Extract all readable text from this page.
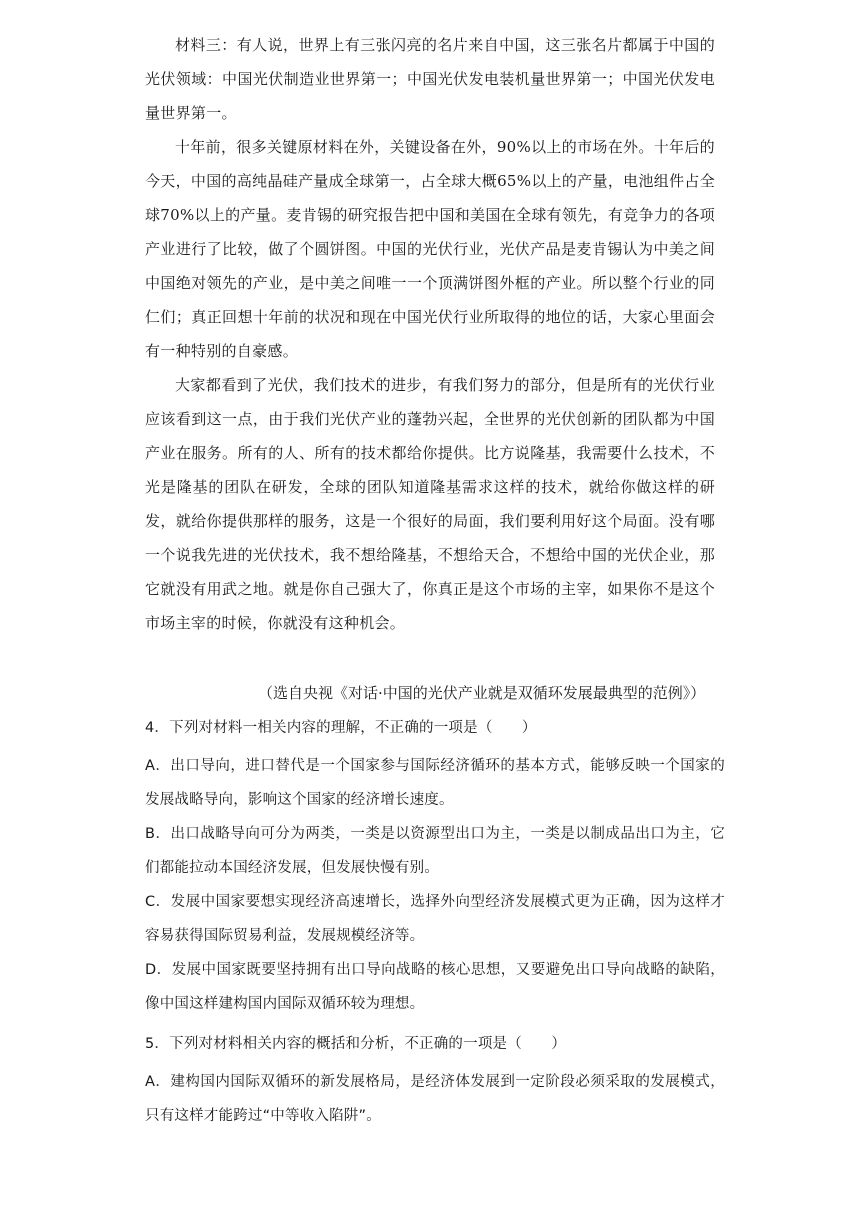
材料三：有人说，世界上有三张闪亮的名片来自中国，这三张名片都属于中国的光伏领域：中国光伏制造业世界第一；中国光伏发电装机量世界第一；中国光伏发电量世界第一。

十年前，很多关键原材料在外，关键设备在外，90%以上的市场在外。十年后的今天，中国的高纯晶硅产量成全球第一，占全球大概65%以上的产量，电池组件占全球70%以上的产量。麦肯锡的研究报告把中国和美国在全球有领先，有竞争力的各项产业进行了比较，做了个圆饼图。中国的光伏行业，光伏产品是麦肯锡认为中美之间中国绝对领先的产业，是中美之间唯一一个顶满饼图外框的产业。所以整个行业的同仁们；真正回想十年前的状况和现在中国光伏行业所取得的地位的话，大家心里面会有一种特别的自豪感。

大家都看到了光伏，我们技术的进步，有我们努力的部分，但是所有的光伏行业应该看到这一点，由于我们光伏产业的蓬勃兴起，全世界的光伏创新的团队都为中国产业在服务。所有的人、所有的技术都给你提供。比方说隆基，我需要什么技术，不光是隆基的团队在研发，全球的团队知道隆基需求这样的技术，就给你做这样的研发，就给你提供那样的服务，这是一个很好的局面，我们要利用好这个局面。没有哪一个说我先进的光伏技术，我不想给隆基，不想给天合，不想给中国的光伏企业，那它就没有用武之地。就是你自己强大了，你真正是这个市场的主宰，如果你不是这个市场主宰的时候，你就没有这种机会。

（选自央视《对话·中国的光伏产业就是双循环发展最典型的范例》）

4．下列对材料一相关内容的理解，不正确的一项是（　　）

A．出口导向，进口替代是一个国家参与国际经济循环的基本方式，能够反映一个国家的发展战略导向，影响这个国家的经济增长速度。

B．出口战略导向可分为两类，一类是以资源型出口为主，一类是以制成品出口为主，它们都能拉动本国经济发展，但发展快慢有别。

C．发展中国家要想实现经济高速增长，选择外向型经济发展模式更为正确，因为这样才容易获得国际贸易利益，发展规模经济等。

D．发展中国家既要坚持拥有出口导向战略的核心思想，又要避免出口导向战略的缺陷，像中国这样建构国内国际双循环较为理想。

5．下列对材料相关内容的概括和分析，不正确的一项是（　　）

A．建构国内国际双循环的新发展格局，是经济体发展到一定阶段必须采取的发展模式，只有这样才能跨过“中等收入陷阱”。
